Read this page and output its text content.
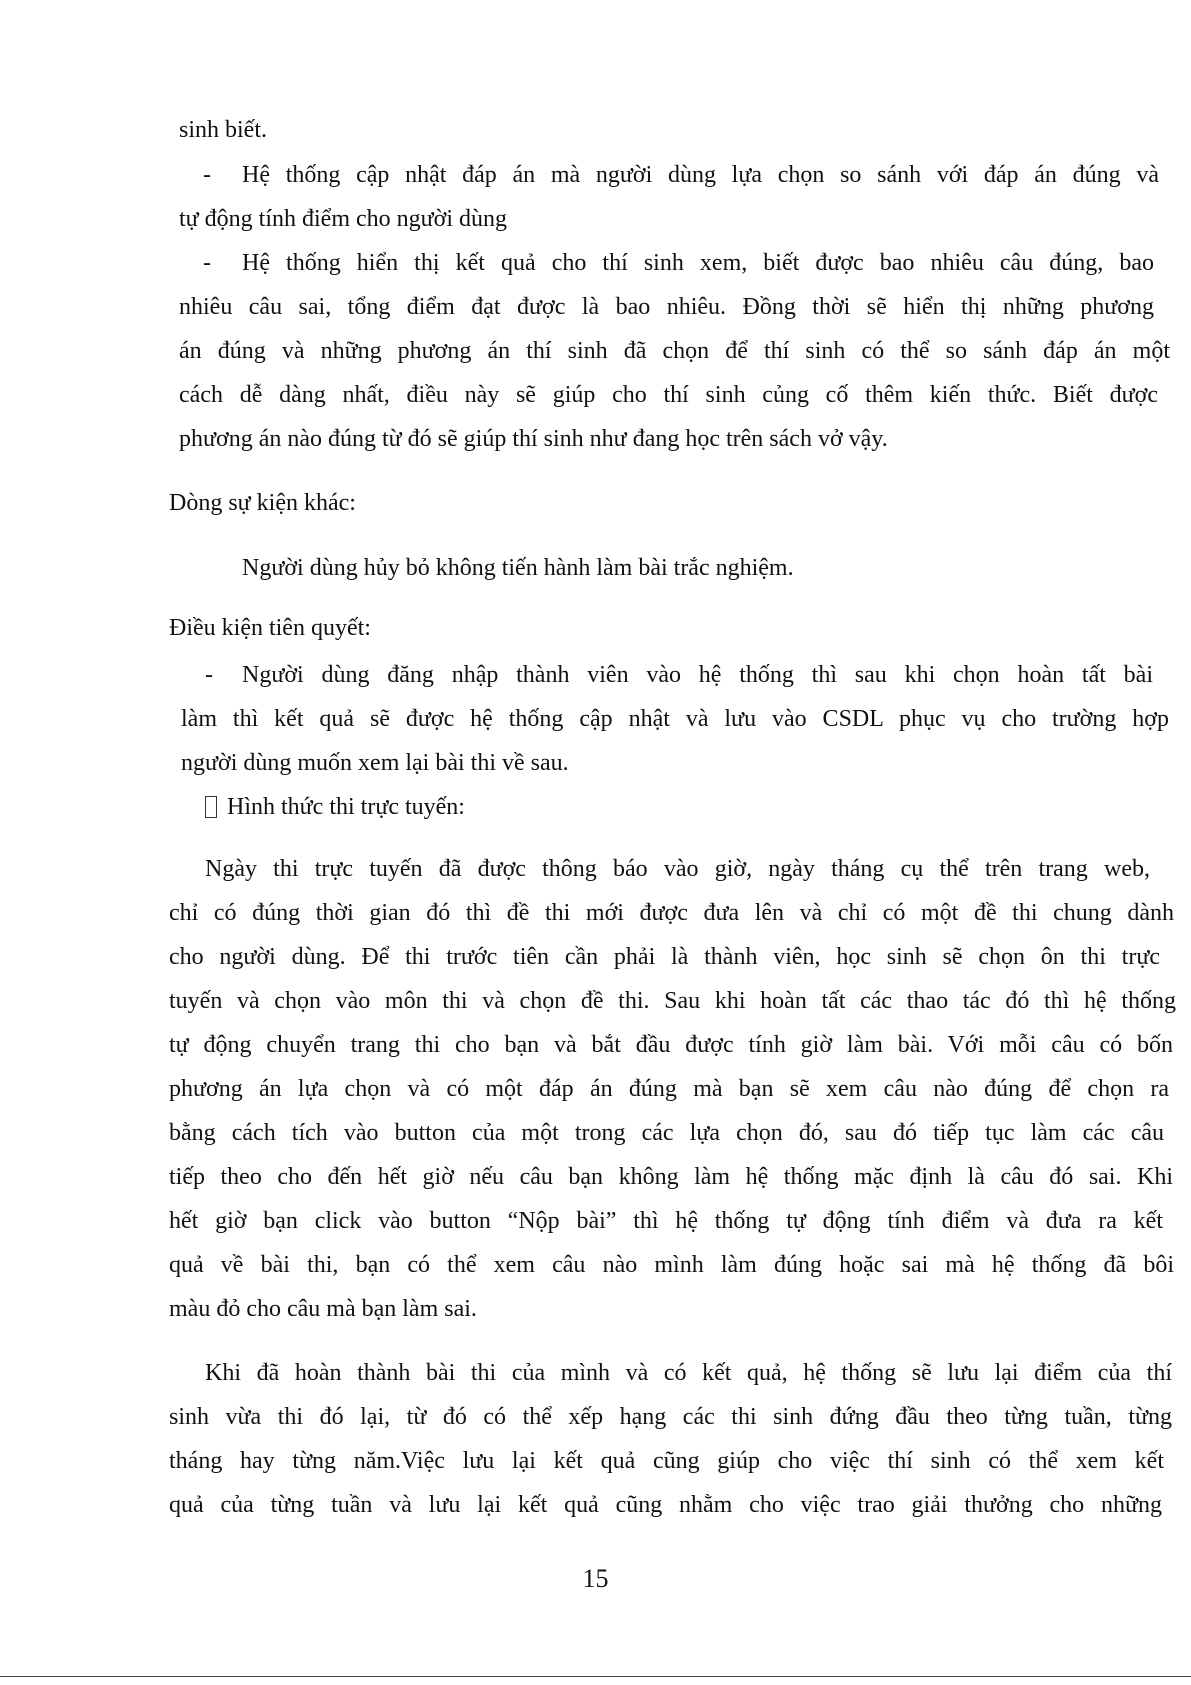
sinh biết.
- Hệ thống cập nhật đáp án mà người dùng lựa chọn so sánh với đáp án đúng và
tự động tính điểm cho người dùng
- Hệ thống hiển thị kết quả cho thí sinh xem, biết được bao nhiêu câu đúng, bao
nhiêu câu sai, tổng điểm đạt được là bao nhiêu. Đồng thời sẽ hiển thị những phương
án đúng và những phương án thí sinh đã chọn để thí sinh có thể so sánh đáp án một
cách dễ dàng nhất, điều này sẽ giúp cho thí sinh củng cố thêm kiến thức. Biết được
phương án nào đúng từ đó sẽ giúp thí sinh như đang học trên sách vở vậy.
Dòng sự kiện khác:
Người dùng hủy bỏ không tiến hành làm bài trắc nghiệm.
Điều kiện tiên quyết:
- Người dùng đăng nhập thành viên vào hệ thống thì sau khi chọn hoàn tất bài
làm thì kết quả sẽ được hệ thống cập nhật và lưu vào CSDL phục vụ cho trường hợp
người dùng muốn xem lại bài thi về sau.
Hình thức thi trực tuyến:
Ngày thi trực tuyến đã được thông báo vào giờ, ngày tháng cụ thể trên trang web,
chỉ có đúng thời gian đó thì đề thi mới được đưa lên và chỉ có một đề thi chung dành
cho người dùng. Để thi trước tiên cần phải là thành viên, học sinh sẽ chọn ôn thi trực
tuyến và chọn vào môn thi và chọn đề thi. Sau khi hoàn tất các thao tác đó thì hệ thống
tự động chuyển trang thi cho bạn và bắt đầu được tính giờ làm bài. Với mỗi câu có bốn
phương án lựa chọn và có một đáp án đúng mà bạn sẽ xem câu nào đúng để chọn ra
bằng cách tích vào button của một trong các lựa chọn đó, sau đó tiếp tục làm các câu
tiếp theo cho đến hết giờ nếu câu bạn không làm hệ thống mặc định là câu đó sai. Khi
hết giờ bạn click vào button “Nộp bài” thì hệ thống tự động tính điểm và đưa ra kết
quả về bài thi, bạn có thể xem câu nào mình làm đúng hoặc sai mà hệ thống đã bôi
màu đỏ cho câu mà bạn làm sai.
Khi đã hoàn thành bài thi của mình và có kết quả, hệ thống sẽ lưu lại điểm của thí
sinh vừa thi đó lại, từ đó có thể xếp hạng các thi sinh đứng đầu theo từng tuần, từng
tháng hay từng năm.Việc lưu lại kết quả cũng giúp cho việc thí sinh có thể xem kết
quả của từng tuần và lưu lại kết quả cũng nhằm cho việc trao giải thưởng cho những
15
